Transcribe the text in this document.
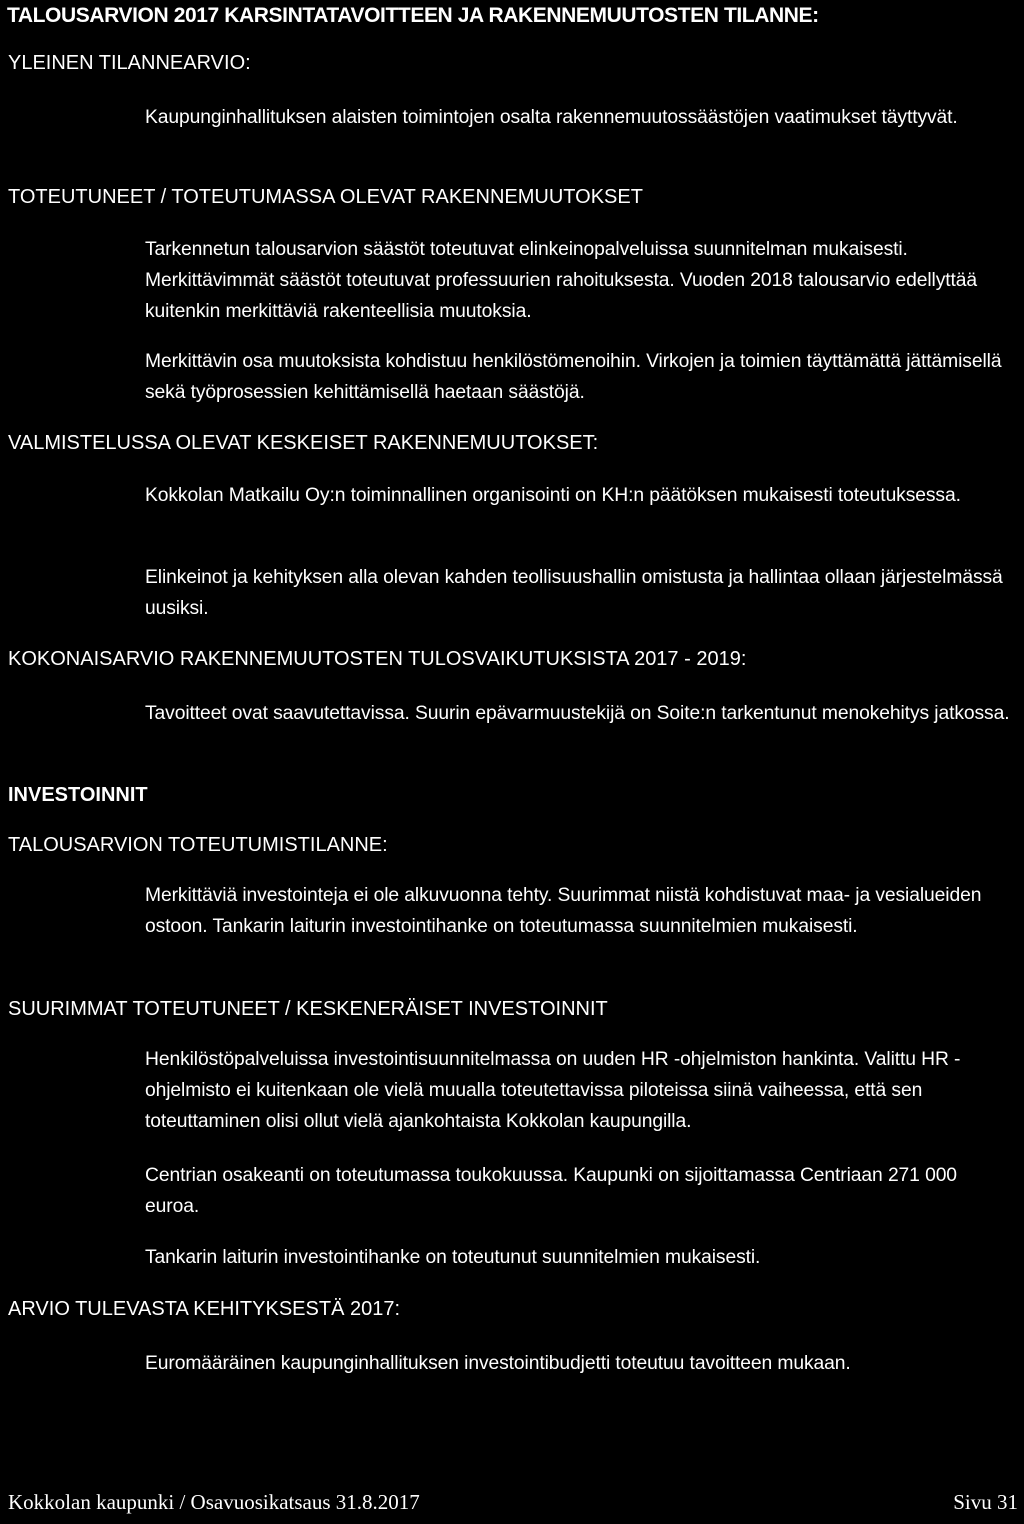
TALOUSARVION 2017 KARSINTATAVOITTEEN JA RAKENNEMUUTOSTEN TILANNE:
YLEINEN TILANNEARVIO:
Kaupunginhallituksen alaisten toimintojen osalta rakennemuutossäästöjen vaatimukset täyttyvät.
TOTEUTUNEET / TOTEUTUMASSA OLEVAT RAKENNEMUUTOKSET
Tarkennetun talousarvion säästöt toteutuvat elinkeinopalveluissa suunnitelman mukaisesti. Merkittävimmät säästöt toteutuvat professuurien rahoituksesta. Vuoden 2018 talousarvio edellyttää kuitenkin merkittäviä rakenteellisia muutoksia.
Merkittävin osa muutoksista kohdistuu henkilöstömenoihin. Virkojen ja toimien täyttämättä jättämisellä sekä työprosessien kehittämisellä haetaan säästöjä.
VALMISTELUSSA OLEVAT KESKEISET RAKENNEMUUTOKSET:
Kokkolan Matkailu Oy:n toiminnallinen organisointi on KH:n päätöksen mukaisesti toteutuksessa.
Elinkeinot ja kehityksen alla olevan kahden teollisuushallin omistusta ja hallintaa ollaan järjestelmässä uusiksi.
KOKONAISARVIO RAKENNEMUUTOSTEN TULOSVAIKUTUKSISTA 2017 - 2019:
Tavoitteet ovat saavutettavissa. Suurin epävarmuustekijä on Soite:n tarkentunut menokehitys jatkossa.
INVESTOINNIT
TALOUSARVION TOTEUTUMISTILANNE:
Merkittäviä investointeja ei ole alkuvuonna tehty. Suurimmat niistä kohdistuvat maa- ja vesialueiden ostoon. Tankarin laiturin investointihanke on toteutumassa suunnitelmien mukaisesti.
SUURIMMAT TOTEUTUNEET / KESKENERÄISET INVESTOINNIT
Henkilöstöpalveluissa investointisuunnitelmassa on uuden HR -ohjelmiston hankinta. Valittu HR -ohjelmisto ei kuitenkaan ole vielä muualla toteutettavissa piloteissa siinä vaiheessa, että sen toteuttaminen olisi ollut vielä ajankohtaista Kokkolan kaupungilla.
Centrian osakeanti on toteutumassa toukokuussa. Kaupunki on sijoittamassa Centriaan 271 000 euroa.
Tankarin laiturin investointihanke on toteutunut suunnitelmien mukaisesti.
ARVIO TULEVASTA KEHITYKSESTÄ 2017:
Euromääräinen kaupunginhallituksen investointibudjetti toteutuu tavoitteen mukaan.
Kokkolan kaupunki / Osavuosikatsaus 31.8.2017	Sivu 31
